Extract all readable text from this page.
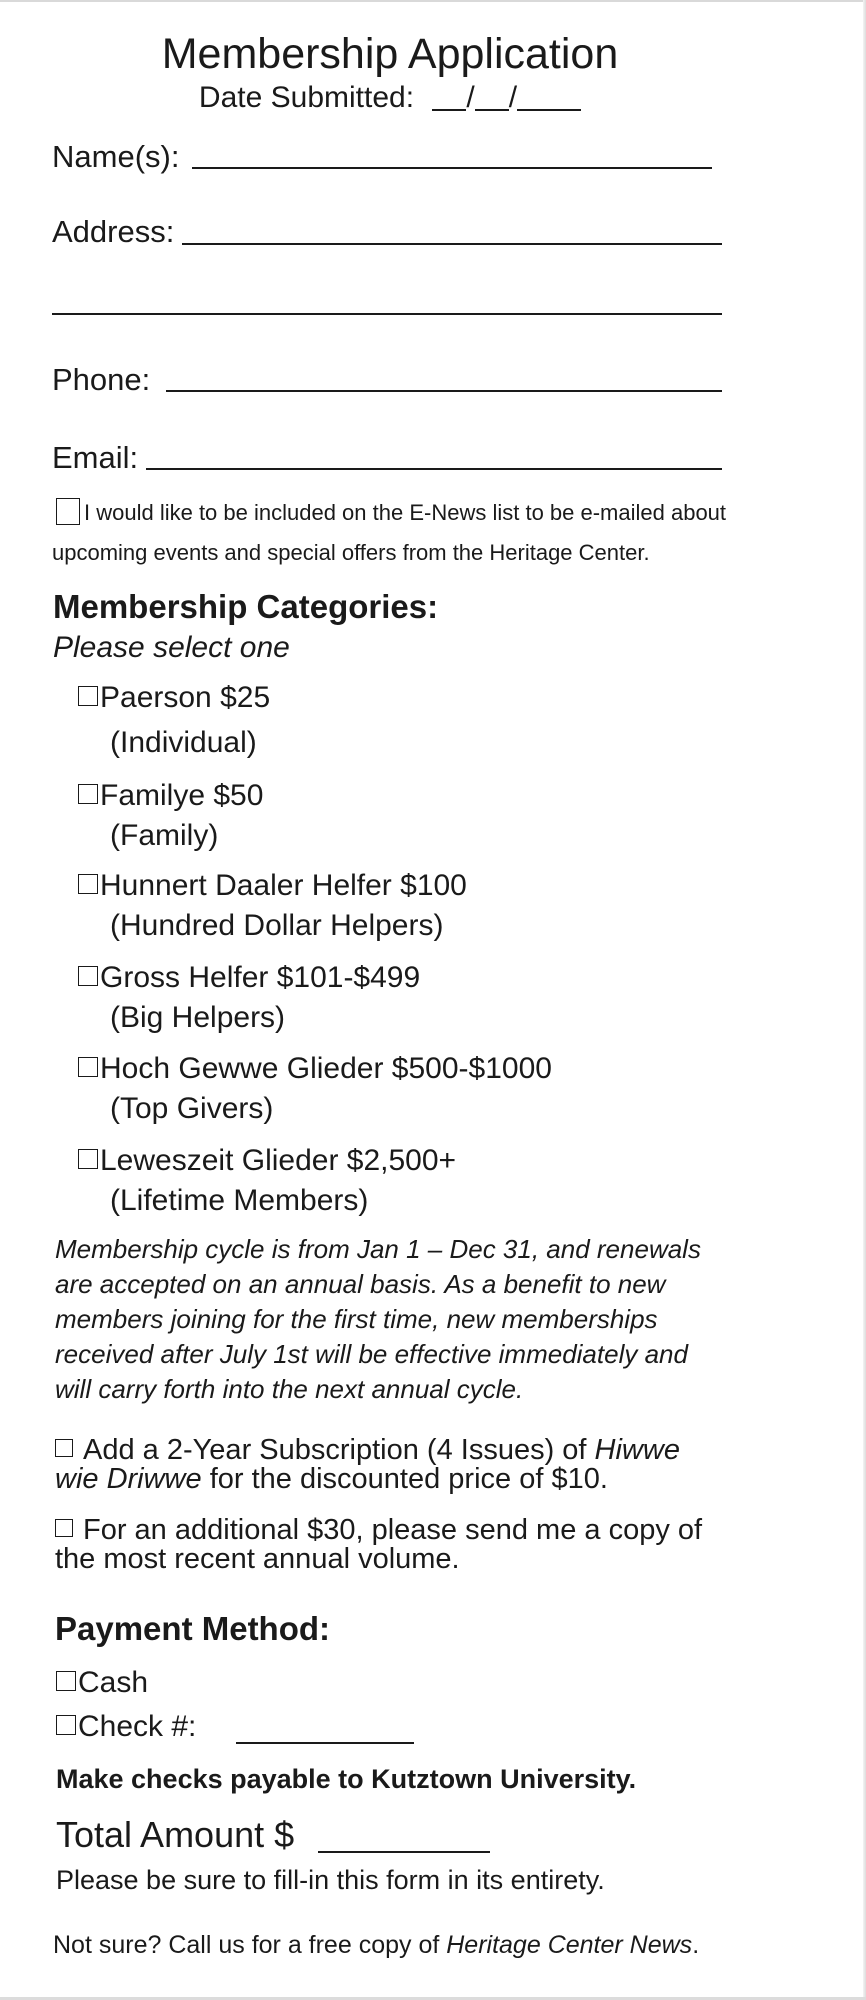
Membership Application
Date Submitted: / /
Name(s):
Address:
Phone:
Email:
I would like to be included on the E-News list to be e-mailed about
upcoming events and special offers from the Heritage Center.
Membership Categories:
Please select one
Paerson $25
(Individual)
Familye $50
(Family)
Hunnert Daaler Helfer $100
(Hundred Dollar Helpers)
Gross Helfer $101-$499
(Big Helpers)
Hoch Gewwe Glieder $500-$1000
(Top Givers)
Leweszeit Glieder $2,500+
(Lifetime Members)
Membership cycle is from Jan 1 – Dec 31, and renewals
are accepted on an annual basis. As a benefit to new
members joining for the first time, new memberships
received after July 1st will be effective immediately and
will carry forth into the next annual cycle.
Add a 2-Year Subscription (4 Issues) of Hiwwe
wie Driwwe for the discounted price of $10.
For an additional $30, please send me a copy of
the most recent annual volume.
Payment Method:
Cash
Check #:
Make checks payable to Kutztown University.
Total Amount $
Please be sure to fill-in this form in its entirety.
Not sure? Call us for a free copy of Heritage Center News.
